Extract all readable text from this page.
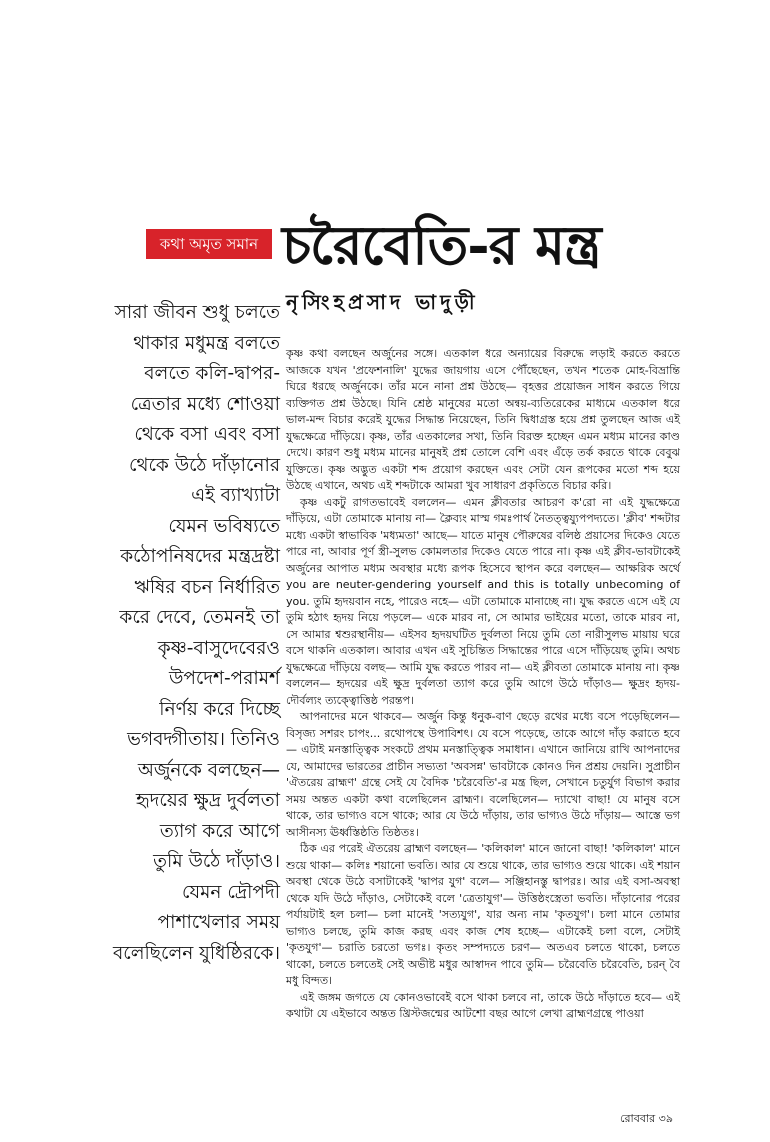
কথা অমৃত সমান চরৈবেতি-র মন্ত্র
নৃসিংহপ্রসাদ ভাদুড়ী
সারা জীবন শুধু চলতে
থাকার মধুমন্ত্র বলতে
বলতে কলি-দ্বাপর-
ত্রেতার মধ্যে শোওয়া
থেকে বসা এবং বসা
থেকে উঠে দাঁড়ানোর
এই ব্যাখ্যাটা
যেমন ভবিষ্যতে
কঠোপনিষদের মন্ত্রদ্রষ্টা
ঋষির বচন নির্ধারিত
করে দেবে, তেমনই তা
কৃষ্ণ-বাসুদেবেরও
উপদেশ-পরামর্শ
নির্ণয় করে দিচ্ছে
ভগবদ্গীতায়। তিনিও
অর্জুনকে বলছেন—
হৃদয়ের ক্ষুদ্র দুর্বলতা
ত্যাগ করে আগে
তুমি উঠে দাঁড়াও।
যেমন দ্রৌপদী
পাশাখেলার সময়
বলেছিলেন যুধিষ্ঠিরকে।

কৃষ্ণ কথা বলছেন অর্জুনের সঙ্গে। এতকাল ধরে অন্যায়ের বিরুদ্ধে লড়াই করতে করতে আজকে যখন 'প্রফেশনালি' যুদ্ধের জায়গায় এসে পৌঁছেছেন, তখন শতেক মোহ-বিভ্রান্তি ঘিরে ধরছে অর্জুনকে। তাঁর মনে নানা প্রশ্ন উঠছে— বৃহত্তর প্রয়োজন সাধন করতে গিয়ে ব্যক্তিগত প্রশ্ন উঠছে। যিনি শ্রেষ্ঠ মানুষের মতো অন্বয়-ব্যতিরেকের মাধ্যমে এতকাল ধরে ভাল-মন্দ বিচার করেই যুদ্ধের সিদ্ধান্ত নিয়েছেন, তিনি দ্বিধাগ্রস্ত হয়ে প্রশ্ন তুলছেন আজ এই যুদ্ধক্ষেত্রে দাঁড়িয়ে। কৃষ্ণ, তাঁর এতকালের সখা, তিনি বিরক্ত হচ্ছেন এমন মধ্যম মানের কাণ্ড দেখে। কারণ শুধু মধ্যম মানের মানুষই প্রশ্ন তোলে বেশি এবং এঁড়ে তর্ক করতে থাকে বেবুঝ যুক্তিতে। কৃষ্ণ অদ্ভুত একটা শব্দ প্রয়োগ করছেন এবং সেটা যেন রূপকের মতো শব্দ হয়ে উঠছে এখানে, অথচ এই শব্দটাকে আমরা খুব সাধারণ প্রকৃতিতে বিচার করি।

কৃষ্ণ একটু রাগতভাবেই বললেন— এমন ক্লীবতার আচরণ ক'রো না এই যুদ্ধক্ষেত্রে দাঁড়িয়ে, এটা তোমাকে মানায় না— ক্লৈব্যং মাস্ম গমঃপার্থ নৈতত্ত্বয্যুপপদ্যতে। 'ক্লীব' শব্দটার মধ্যে একটা স্বাভাবিক 'মধ্যমতা' আছে— যাতে মানুষ পৌরুষের বলিষ্ঠ প্রয়াসের দিকেও যেতে পারে না, আবার পূর্ণ স্ত্রী-সুলভ কোমলতার দিকেও যেতে পারে না। কৃষ্ণ এই ক্লীব-ভাবটাকেই অর্জুনের আপাত মধ্যম অবস্থার মধ্যে রূপক হিসেবে স্থাপন করে বলছেন— আক্ষরিক অর্থে you are neuter-gendering yourself and this is totally unbecoming of you. তুমি হৃদয়বান নহে, পারেও নহে— এটা তোমাকে মানাচ্ছে না। যুদ্ধ করতে এসে এই যে তুমি হঠাৎ হৃদয় নিয়ে পড়লে— একে মারব না, সে আমার ভাইয়ের মতো, তাকে মারব না, সে আমার শ্বশুরস্থানীয়— এইসব হৃদয়ঘটিত দুর্বলতা নিয়ে তুমি তো নারীসুলভ মায়ায় ঘরে বসে থাকনি এতকাল। আবার এখন এই সুচিন্তিত সিদ্ধান্তের পারে এসে দাঁড়িয়েছ তুমি। অথচ যুদ্ধক্ষেত্রে দাঁড়িয়ে বলছ— আমি যুদ্ধ করতে পারব না— এই ক্লীবতা তোমাকে মানায় না। কৃষ্ণ বললেন— হৃদয়ের এই ক্ষুদ্র দুর্বলতা ত্যাগ করে তুমি আগে উঠে দাঁড়াও— ক্ষুদ্রং হৃদয়-দৌর্বল্যং ত্যক্ত্বোত্তিষ্ঠ পরন্তপ।

আপনাদের মনে থাকবে— অর্জুন কিন্তু ধনুক-বাণ ছেড়ে রথের মধ্যে বসে পড়েছিলেন— বিসৃজ্য সশরং চাপং... রথোপস্থে উপাবিশৎ। যে বসে পড়েছে, তাকে আগে দাঁড় করাতে হবে— এটাই মনস্তাত্ত্বিক সংকটে প্রথম মনস্তাত্ত্বিক সমাধান। এখানে জানিয়ে রাখি আপনাদের যে, আমাদের ভারতের প্রাচীন সভ্যতা 'অবসন্ন' ভাবটাকে কোনও দিন প্রশ্রয় দেয়নি। সুপ্রাচীন 'ঐতরেয় ব্রাহ্মণ' গ্রন্থে সেই যে বৈদিক 'চরৈবেতি'-র মন্ত্র ছিল, সেখানে চতুর্যুগ বিভাগ করার সময় অন্তত একটা কথা বলেছিলেন ব্রাহ্মণ। বলেছিলেন— দ্যাখো বাছা! যে মানুষ বসে থাকে, তার ভাগ্যও বসে থাকে; আর যে উঠে দাঁড়ায়, তার ভাগ্যও উঠে দাঁড়ায়— আস্তে ভগ আসীনস্য ঊর্ধ্বস্তিষ্ঠতি তিষ্ঠতঃ।

ঠিক এর পরেই ঐতরেয় ব্রাহ্মণ বলছেন— 'কলিকাল' মানে জানো বাছা! 'কলিকাল' মানে শুয়ে থাকা— কলিঃ শয়ানো ভবতি। আর যে শুয়ে থাকে, তার ভাগ্যও শুয়ে থাকে। এই শয়ান অবস্থা থেকে উঠে বসাটাকেই 'দ্বাপর যুগ' বলে— সঞ্জিহানস্তু দ্বাপরঃ। আর এই বসা-অবস্থা থেকে যদি উঠে দাঁড়াও, সেটাকেই বলে 'ত্রেতাযুগ'— উত্তিষ্ঠংস্ত্রেতা ভবতি। দাঁড়ানোর পরের পর্যায়টাই হল চলা— চলা মানেই 'সত্যযুগ', যার অন্য নাম 'কৃতযুগ'। চলা মানে তোমার ভাগ্যও চলছে, তুমি কাজ করছ এবং কাজ শেষ হচ্ছে— এটাকেই চলা বলে, সেটাই 'কৃতযুগ'— চরাতি চরতো ভগঃ। কৃতং সম্পদ্যতে চরণ— অতএব চলতে থাকো, চলতে থাকো, চলতে চলতেই সেই অভীষ্ট মধুর আস্বাদন পাবে তুমি— চরৈবেতি চরৈবেতি, চরন্‌ বৈ মধু বিন্দত।

এই জঙ্গম জগতে যে কোনওভাবেই বসে থাকা চলবে না, তাকে উঠে দাঁড়াতে হবে— এই কথাটা যে এইভাবে অন্তত খ্রিস্টজন্মের আটশো বছর আগে লেখা ব্রাহ্মণগ্রন্থে পাওয়া

রোববার ৩৯
